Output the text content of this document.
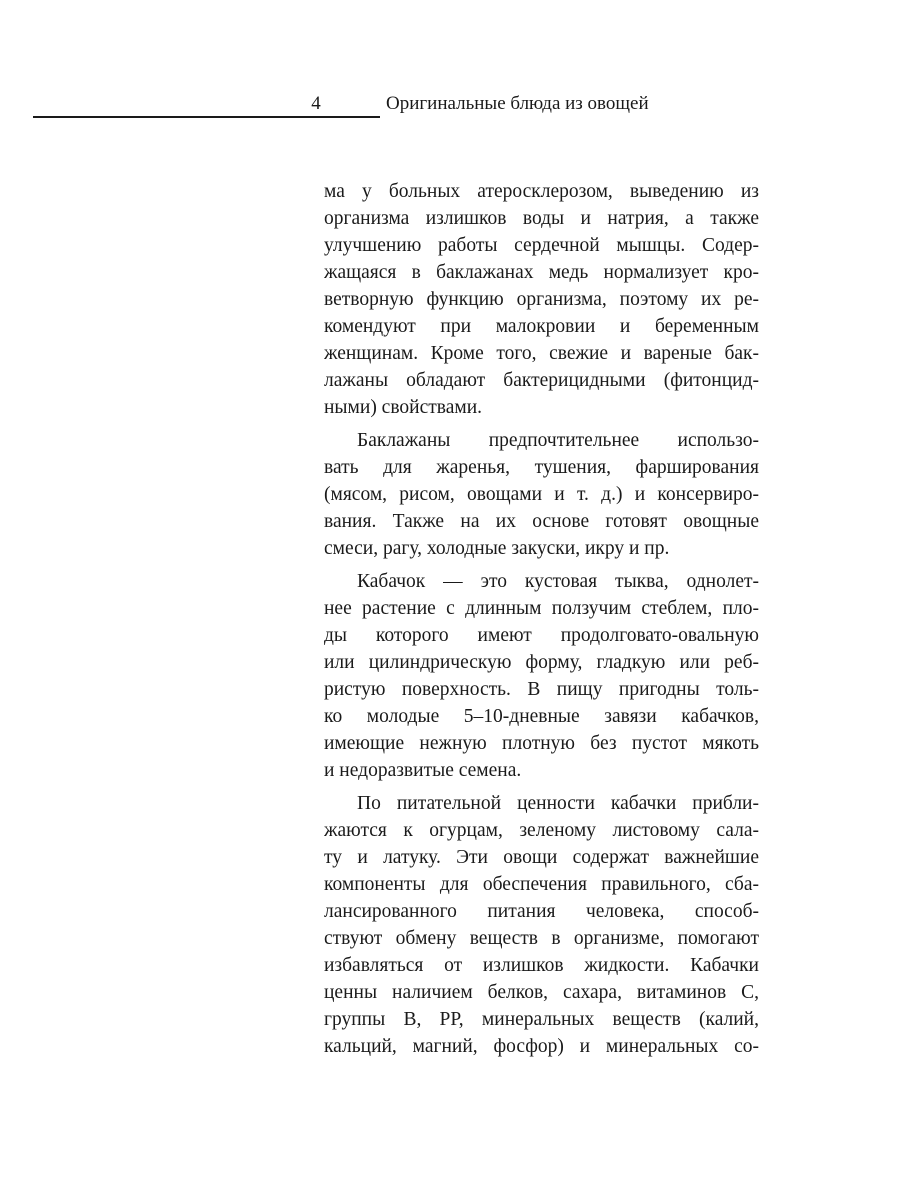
4	Оригинальные блюда из овощей
ма у больных атеросклерозом, выведению из
организма излишков воды и натрия, а также
улучшению работы сердечной мышцы. Содер-
жащаяся в баклажанах медь нормализует кро-
ветворную функцию организма, поэтому их ре-
комендуют при малокровии и беременным
женщинам. Кроме того, свежие и вареные бак-
лажаны обладают бактерицидными (фитонцид-
ными) свойствами.
Баклажаны предпочтительнее использо-
вать для жаренья, тушения, фарширования
(мясом, рисом, овощами и т. д.) и консервиро-
вания. Также на их основе готовят овощные
смеси, рагу, холодные закуски, икру и пр.
Кабачок — это кустовая тыква, однолет-
нее растение с длинным ползучим стеблем, пло-
ды которого имеют продолговато-овальную
или цилиндрическую форму, гладкую или реб-
ристую поверхность. В пищу пригодны толь-
ко молодые 5–10-дневные завязи кабачков,
имеющие нежную плотную без пустот мякоть
и недоразвитые семена.
По питательной ценности кабачки прибли-
жаются к огурцам, зеленому листовому сала-
ту и латуку. Эти овощи содержат важнейшие
компоненты для обеспечения правильного, сба-
лансированного питания человека, способ-
ствуют обмену веществ в организме, помогают
избавляться от излишков жидкости. Кабачки
ценны наличием белков, сахара, витаминов С,
группы В, РР, минеральных веществ (калий,
кальций, магний, фосфор) и минеральных со-
